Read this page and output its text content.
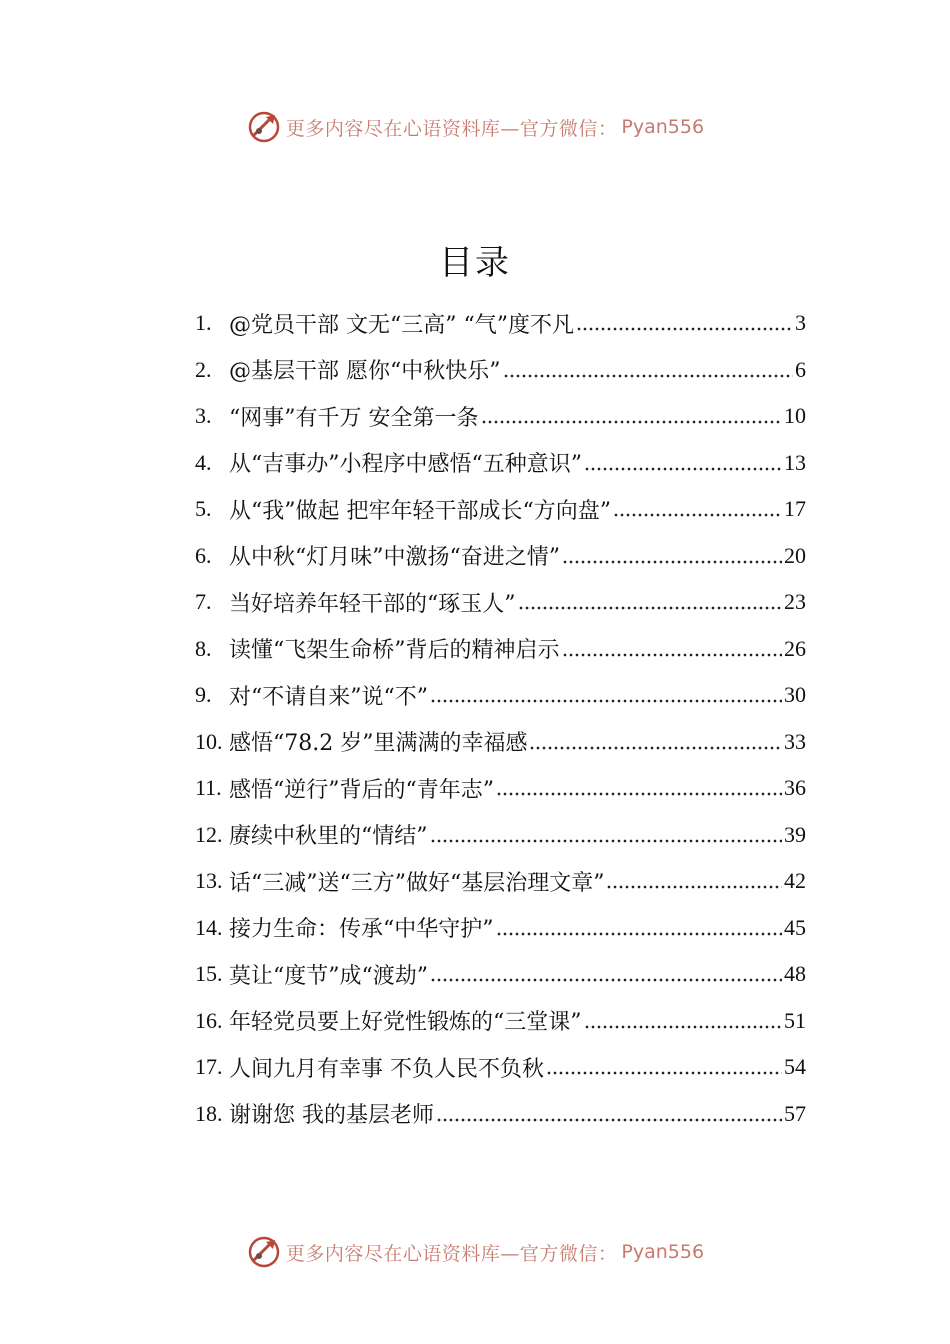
更多内容尽在心语资料库—官方微信： Pyan556
目录
1. @党员干部 文无“三高” “气”度不凡	3
2. @基层干部 愿你“中秋快乐”	6
3. “网事”有千万 安全第一条	10
4. 从“吉事办”小程序中感悟“五种意识”	13
5. 从“我”做起 把牢年轻干部成长“方向盘”	17
6. 从中秋“灯月味”中激扬“奋进之情”	20
7. 当好培养年轻干部的“琢玉人”	23
8. 读懂“飞架生命桥”背后的精神启示	26
9. 对“不请自来”说“不”	30
10. 感悟“78.2 岁”里满满的幸福感	33
11. 感悟“逆行”背后的“青年志”	36
12. 赓续中秋里的“情结”	39
13. 话“三减”送“三方”做好“基层治理文章”	42
14. 接力生命：传承“中华守护”	45
15. 莫让“度节”成“渡劫”	48
16. 年轻党员要上好党性锻炼的“三堂课”	51
17. 人间九月有幸事 不负人民不负秋	54
18. 谢谢您 我的基层老师	57
更多内容尽在心语资料库—官方微信： Pyan556
